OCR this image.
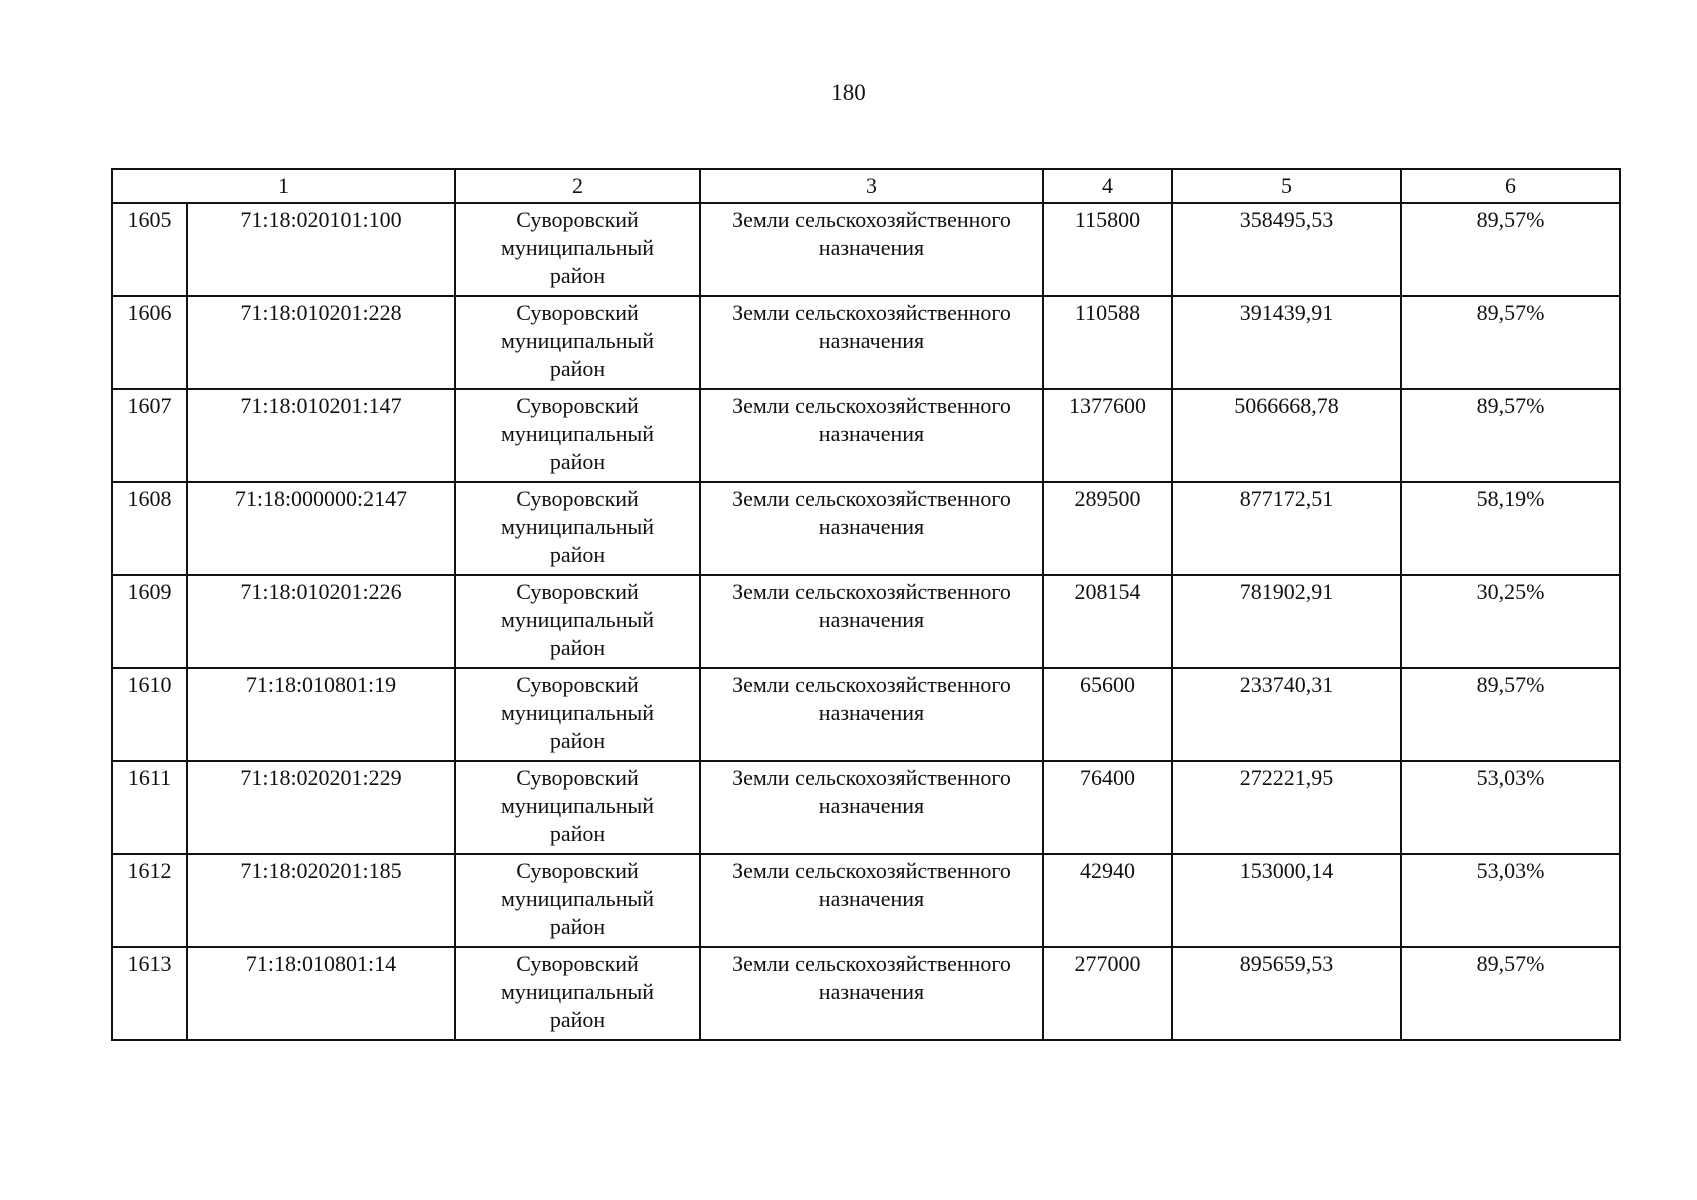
180
1		2	3	4	5	6

1605	71:18:020101:100	Суворовский
муниципальный
район	Земли сельскохозяйственного
назначения	115800	358495,53	89,57%

1606	71:18:010201:228	Суворовский
муниципальный
район	Земли сельскохозяйственного
назначения	110588	391439,91	89,57%

1607	71:18:010201:147	Суворовский
муниципальный
район	Земли сельскохозяйственного
назначения	1377600	5066668,78	89,57%

1608	71:18:000000:2147	Суворовский
муниципальный
район	Земли сельскохозяйственного
назначения	289500	877172,51	58,19%

1609	71:18:010201:226	Суворовский
муниципальный
район	Земли сельскохозяйственного
назначения	208154	781902,91	30,25%

1610	71:18:010801:19	Суворовский
муниципальный
район	Земли сельскохозяйственного
назначения	65600	233740,31	89,57%

1611	71:18:020201:229	Суворовский
муниципальный
район	Земли сельскохозяйственного
назначения	76400	272221,95	53,03%

1612	71:18:020201:185	Суворовский
муниципальный
район	Земли сельскохозяйственного
назначения	42940	153000,14	53,03%

1613	71:18:010801:14	Суворовский
муниципальный
район	Земли сельскохозяйственного
назначения	277000	895659,53	89,57%
